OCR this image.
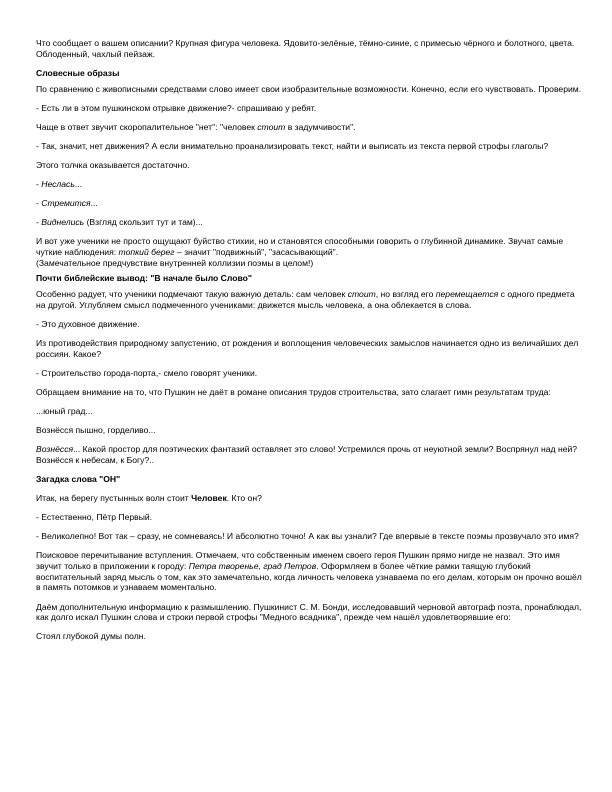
Что сообщает о вашем описании? Крупная фигура человека. Ядовито-зелёные, тёмно-синие, с примесью чёрного и болотного, цвета. Облоденный, чахлый пейзаж.

Словесные образы

По сравнению с живописными средствами слово имеет свои изобразительные возможности. Конечно, если его чувствовать. Проверим.

- Есть ли в этом пушкинском отрывке движение?- спрашиваю у ребят.

Чаще в ответ звучит скоропалительное "нет": "человек стоит в задумчивости".

- Так, значит, нет движения? А если внимательно проанализировать текст, найти и выписать из текста первой строфы глаголы?

Этого толчка оказывается достаточно.

- Неслась...

- Стремится...

- Виднелись (Взгляд скользит тут и там)...

И вот уже ученики не просто ощущают буйство стихии, но и становятся способными говорить о глубинной динамике. Звучат самые чуткие наблюдения: топкий берег – значит "подвижный", "засасывающий".

(Замечательное предчувствие внутренней коллизии поэмы в целом!)

Почти библейские вывод: "В начале было Слово"

Особенно радует, что ученики подмечают такую важную деталь: сам человек стоит, но взгляд его перемещается с одного предмета на другой. Углубляем смысл подмеченного учениками: движется мысль человека, а она облекается в слова.

- Это духовное движение.

Из противодействия природному запустению, от рождения и воплощения человеческих замыслов начинается одно из величайших дел россиян. Какое?

- Строительство города-порта,- смело говорят ученики.

Обращаем внимание на то, что Пушкин не даёт в романе описания трудов строительства, зато слагает гимн результатам труда:

...юный град...

Вознёсся пышно, горделиво...

Вознёсся... Какой простор для поэтических фантазий оставляет это слово! Устремился прочь от неуютной земли? Воспрянул над ней? Вознёсся к небесам, к Богу?..

Загадка слова "ОН"

Итак, на берегу пустынных волн стоит Человек. Кто он?

- Естественно, Пётр Первый.

- Великолепно! Вот так – сразу, не сомневаясь! И абсолютно точно! А как вы узнали? Где впервые в тексте поэмы прозвучало это имя?

Поисковое перечитывание вступления. Отмечаем, что собственным именем своего героя Пушкин прямо нигде не назвал. Это имя звучит только в приложении к городу: Петра творенье, град Петров. Оформляем в более чёткие рамки таящую глубокий воспитательный заряд мысль о том, как это замечательно, когда личность человека узнаваема по его делам, которым он прочно вошёл в память потомков и узнаваем моментально.

Даём дополнительную информацию к размышлению. Пушкинист С. М. Бонди, исследовавший черновой автограф поэта, пронаблюдал, как долго искал Пушкин слова и строки первой строфы "Медного всадника", прежде чем нашёл удовлетворявшие его:

Стоял глубокой думы полн.
